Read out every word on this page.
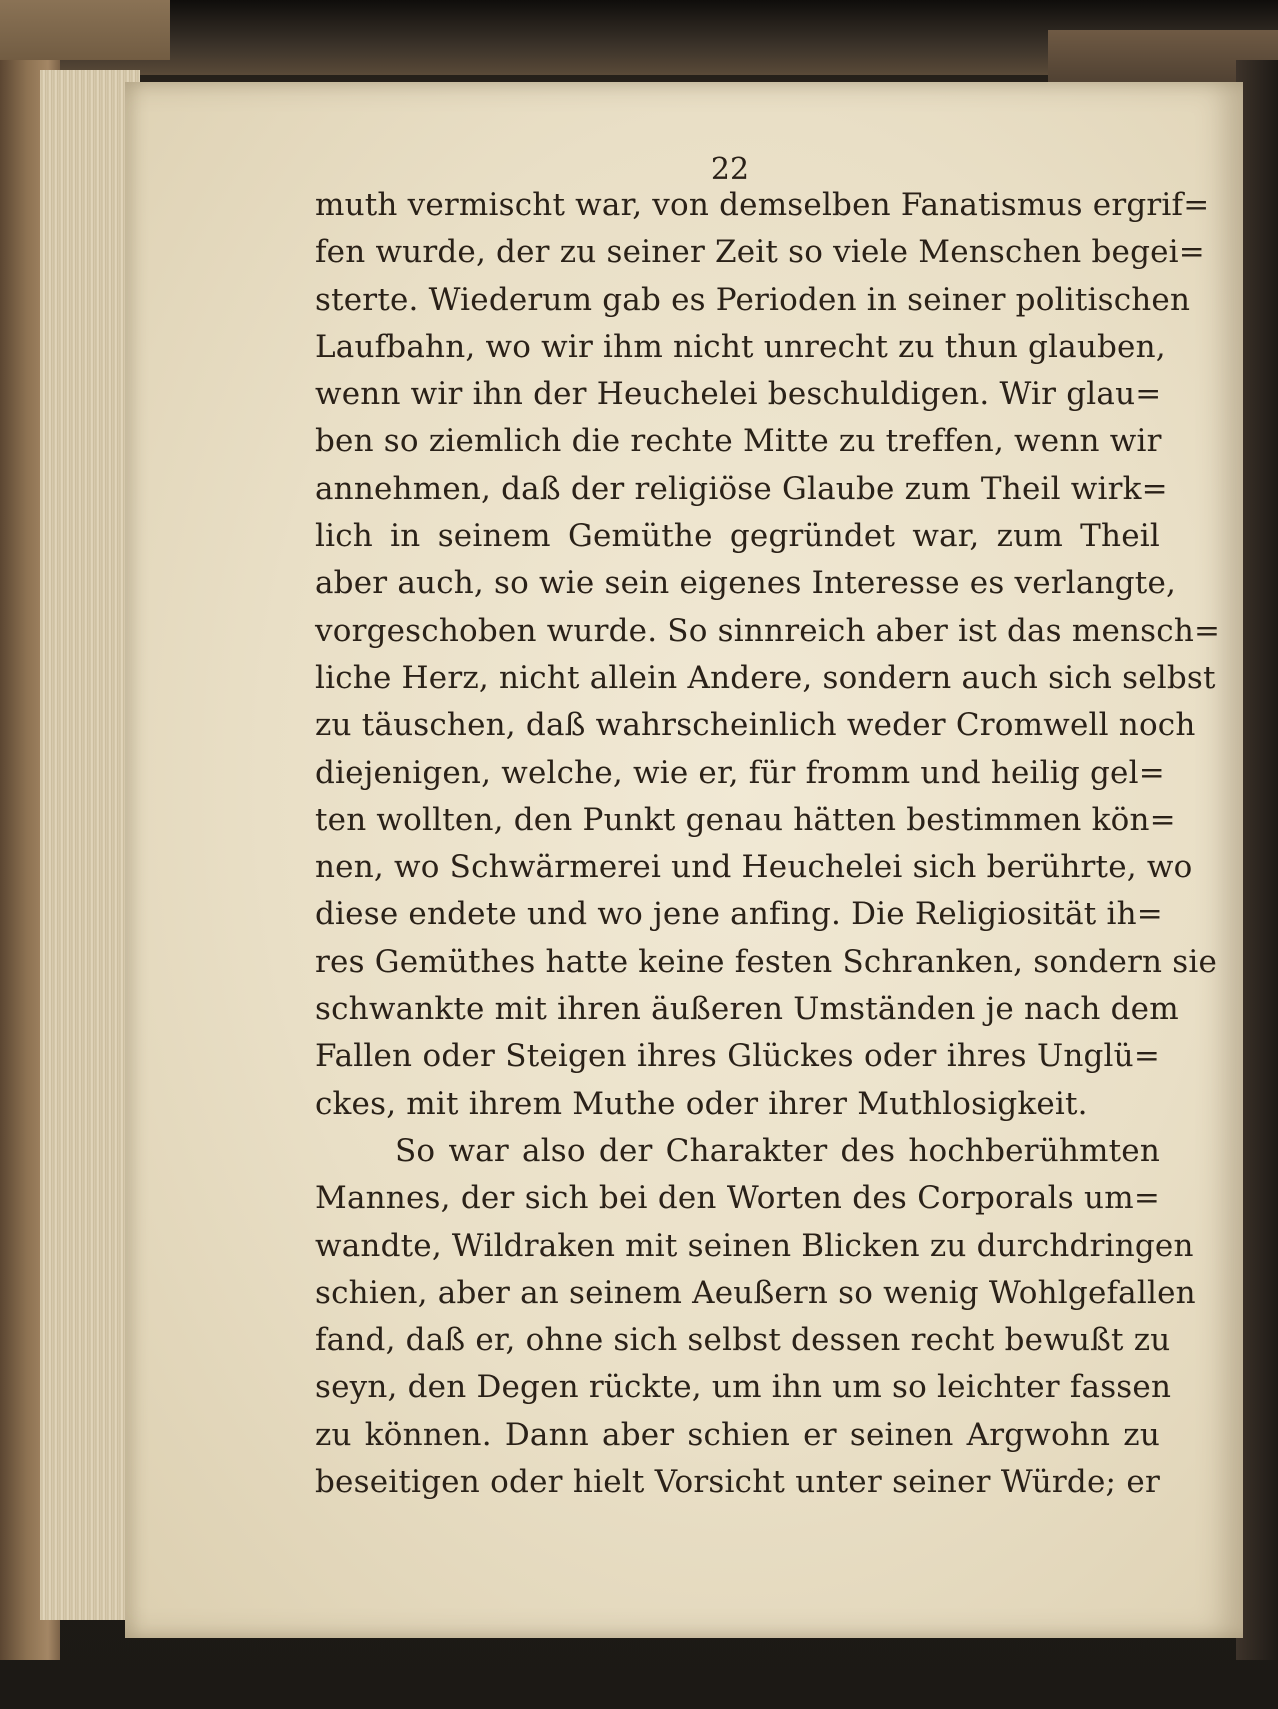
22
muth vermischt war, von demselben Fanatismus ergrif=
fen wurde, der zu seiner Zeit so viele Menschen begei=
sterte. Wiederum gab es Perioden in seiner politischen
Laufbahn, wo wir ihm nicht unrecht zu thun glauben,
wenn wir ihn der Heuchelei beschuldigen. Wir glau=
ben so ziemlich die rechte Mitte zu treffen, wenn wir
annehmen, daß der religiöse Glaube zum Theil wirk=
lich in seinem Gemüthe gegründet war, zum Theil
aber auch, so wie sein eigenes Interesse es verlangte,
vorgeschoben wurde. So sinnreich aber ist das mensch=
liche Herz, nicht allein Andere, sondern auch sich selbst
zu täuschen, daß wahrscheinlich weder Cromwell noch
diejenigen, welche, wie er, für fromm und heilig gel=
ten wollten, den Punkt genau hätten bestimmen kön=
nen, wo Schwärmerei und Heuchelei sich berührte, wo
diese endete und wo jene anfing. Die Religiosität ih=
res Gemüthes hatte keine festen Schranken, sondern sie
schwankte mit ihren äußeren Umständen je nach dem
Fallen oder Steigen ihres Glückes oder ihres Unglü=
ckes, mit ihrem Muthe oder ihrer Muthlosigkeit.
So war also der Charakter des hochberühmten
Mannes, der sich bei den Worten des Corporals um=
wandte, Wildraken mit seinen Blicken zu durchdringen
schien, aber an seinem Aeußern so wenig Wohlgefallen
fand, daß er, ohne sich selbst dessen recht bewußt zu
seyn, den Degen rückte, um ihn um so leichter fassen
zu können. Dann aber schien er seinen Argwohn zu
beseitigen oder hielt Vorsicht unter seiner Würde; er
